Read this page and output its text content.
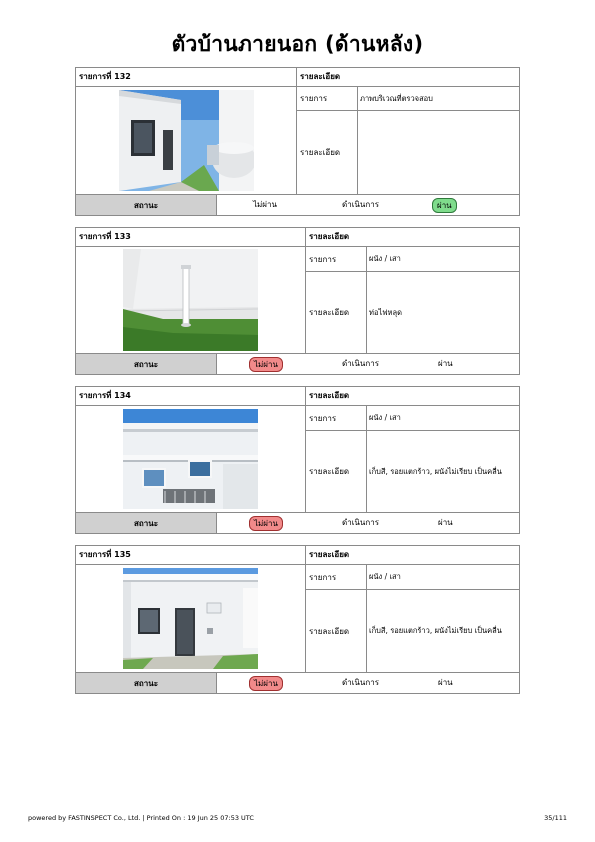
ตัวบ้านภายนอก (ด้านหลัง)
รายการที่ 132	รายละเอียด
รายการ	ภาพบริเวณที่ตรวจสอบ
รายละเอียด
สถานะ	ไม่ผ่าน	ดำเนินการ	ผ่าน
รายการที่ 133	รายละเอียด
รายการ	ผนัง / เสา
รายละเอียด	ท่อไฟหลุด
สถานะ	ไม่ผ่าน	ดำเนินการ	ผ่าน
รายการที่ 134	รายละเอียด
รายการ	ผนัง / เสา
รายละเอียด	เก็บสี, รอยแตกร้าว, ผนังไม่เรียบ เป็นคลื่น
สถานะ	ไม่ผ่าน	ดำเนินการ	ผ่าน
รายการที่ 135	รายละเอียด
รายการ	ผนัง / เสา
รายละเอียด	เก็บสี, รอยแตกร้าว, ผนังไม่เรียบ เป็นคลื่น
สถานะ	ไม่ผ่าน	ดำเนินการ	ผ่าน
powered by FASTINSPECT Co., Ltd. | Printed On : 19 Jun 25 07:53 UTC	35/111
